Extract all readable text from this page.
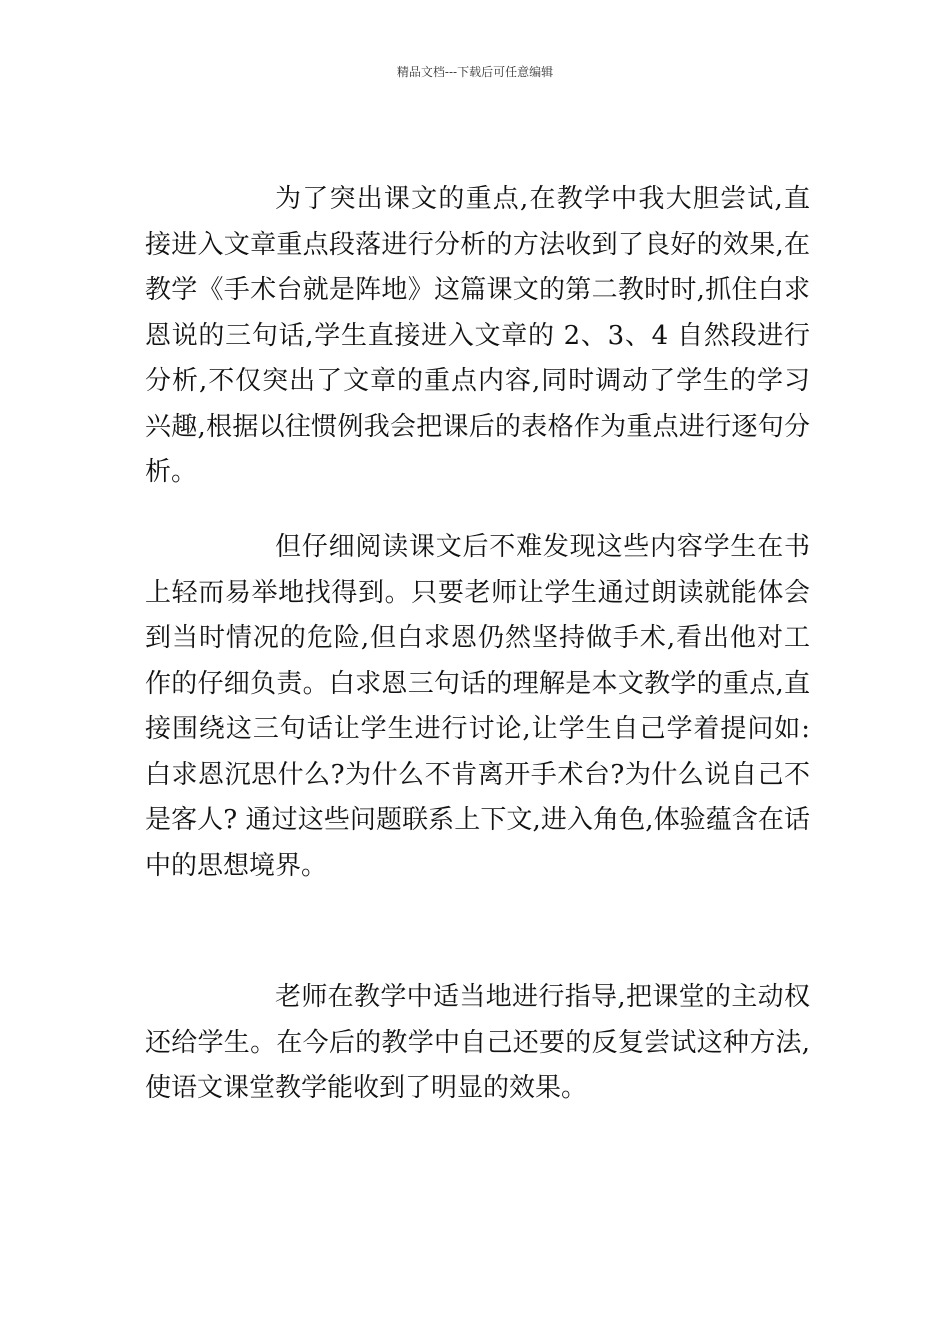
精品文档---下载后可任意编辑

为了突出课文的重点,在教学中我大胆尝试,直接进入文章重点段落进行分析的方法收到了良好的效果,在教学《手术台就是阵地》这篇课文的第二教时时,抓住白求恩说的三句话,学生直接进入文章的 2、3、4 自然段进行分析,不仅突出了文章的重点内容,同时调动了学生的学习兴趣,根据以往惯例我会把课后的表格作为重点进行逐句分析。

但仔细阅读课文后不难发现这些内容学生在书上轻而易举地找得到。只要老师让学生通过朗读就能体会到当时情况的危险,但白求恩仍然坚持做手术,看出他对工作的仔细负责。白求恩三句话的理解是本文教学的重点,直接围绕这三句话让学生进行讨论,让学生自己学着提问如:白求恩沉思什么?为什么不肯离开手术台?为什么说自己不是客人? 通过这些问题联系上下文,进入角色,体验蕴含在话中的思想境界。

老师在教学中适当地进行指导,把课堂的主动权还给学生。在今后的教学中自己还要的反复尝试这种方法,使语文课堂教学能收到了明显的效果。
